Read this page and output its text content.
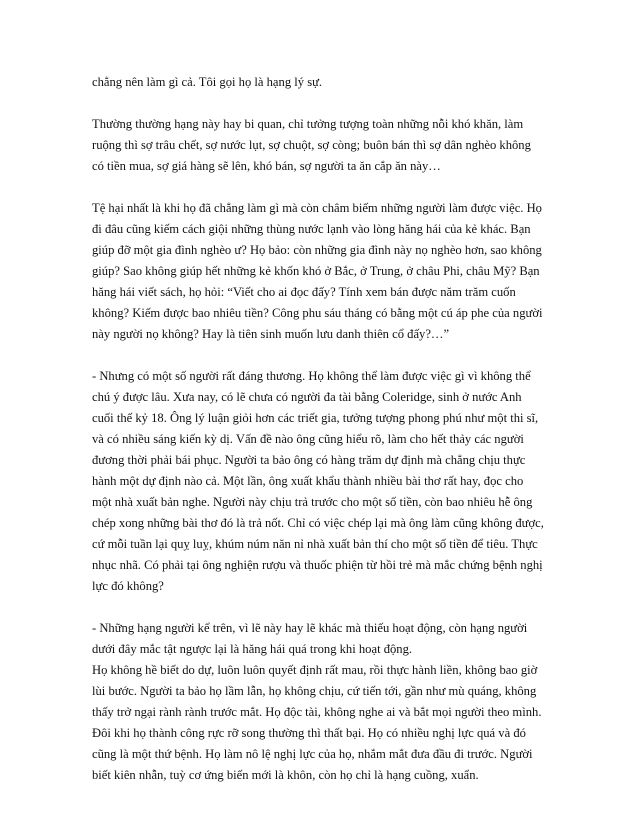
chẳng nên làm gì cả. Tôi gọi họ là hạng lý sự.

Thường thường hạng này hay bi quan, chỉ tưởng tượng toàn những nỗi khó khăn, làm
ruộng thì sợ trâu chết, sợ nước lụt, sợ chuột, sợ còng; buôn bán thì sợ dân nghèo không
có tiền mua, sợ giá hàng sẽ lên, khó bán, sợ người ta ăn cắp ăn này…

Tệ hại nhất là khi họ đã chẳng làm gì mà còn châm biếm những người làm được việc. Họ
đi đâu cũng kiếm cách giội những thùng nước lạnh vào lòng hăng hái của kẻ khác. Bạn
giúp đỡ một gia đình nghèo ư? Họ bảo: còn những gia đình này nọ nghèo hơn, sao không
giúp? Sao không giúp hết những kẻ khốn khó ở Bắc, ở Trung, ở châu Phi, châu Mỹ? Bạn
hăng hái viết sách, họ hỏi: “Viết cho ai đọc đấy? Tính xem bán được năm trăm cuốn
không? Kiếm được bao nhiêu tiền? Công phu sáu tháng có bằng một cú áp phe của người
này người nọ không? Hay là tiên sinh muốn lưu danh thiên cổ đấy?…”

- Nhưng có một số người rất đáng thương. Họ không thể làm được việc gì vì không thể
chú ý được lâu. Xưa nay, có lẽ chưa có người đa tài bằng Coleridge, sinh ở nước Anh
cuối thế kỷ 18. Ông lý luận giỏi hơn các triết gia, tưởng tượng phong phú như một thi sĩ,
và có nhiều sáng kiến kỳ dị. Vấn đề nào ông cũng hiểu rõ, làm cho hết thảy các người
đương thời phải bái phục. Người ta bảo ông có hàng trăm dự định mà chẳng chịu thực
hành một dự định nào cả. Một lần, ông xuất khẩu thành nhiều bài thơ rất hay, đọc cho
một nhà xuất bản nghe. Người này chịu trả trước cho một số tiền, còn bao nhiêu hễ ông
chép xong những bài thơ đó là trả nốt. Chỉ có việc chép lại mà ông làm cũng không được,
cứ mỗi tuần lại quỵ luỵ, khúm núm năn nỉ nhà xuất bản thí cho một số tiền để tiêu. Thực
nhục nhã. Có phải tại ông nghiện rượu và thuốc phiện từ hồi trẻ mà mắc chứng bệnh nghị
lực đó không?

- Những hạng người kể trên, vì lẽ này hay lẽ khác mà thiếu hoạt động, còn hạng người
dưới đây mắc tật ngược lại là hăng hái quá trong khi hoạt động.
Họ không hề biết do dự, luôn luôn quyết định rất mau, rồi thực hành liền, không bao giờ
lùi bước. Người ta bảo họ lầm lẫn, họ không chịu, cứ tiến tới, gần như mù quáng, không
thấy trở ngại rành rành trước mắt. Họ độc tài, không nghe ai và bắt mọi người theo mình.
Đôi khi họ thành công rực rỡ song thường thì thất bại. Họ có nhiều nghị lực quá và đó
cũng là một thứ bệnh. Họ làm nô lệ nghị lực của họ, nhắm mắt đưa đầu đi trước. Người
biết kiên nhẫn, tuỳ cơ ứng biến mới là khôn, còn họ chỉ là hạng cuồng, xuẩn.
